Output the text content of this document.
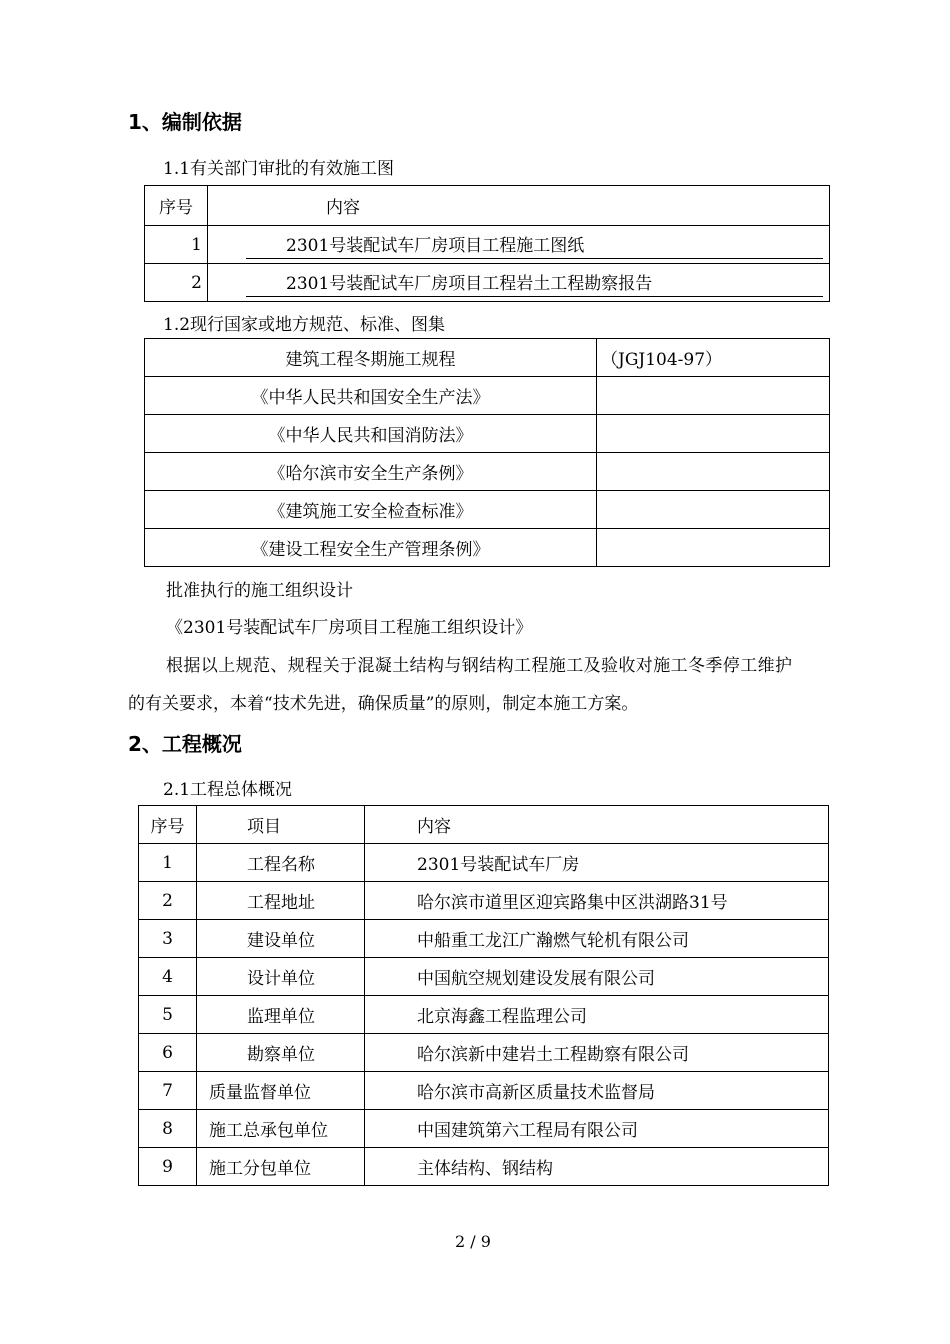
1、编制依据
1.1有关部门审批的有效施工图
序号	内容
1	2301号装配试车厂房项目工程施工图纸

2	2301号装配试车厂房项目工程岩土工程勘察报告
1.2现行国家或地方规范、标准、图集
建筑工程冬期施工规程	（JGJ104-97）
《中华人民共和国安全生产法》	
《中华人民共和国消防法》	
《哈尔滨市安全生产条例》	
《建筑施工安全检查标准》	
《建设工程安全生产管理条例》	
批准执行的施工组织设计
《2301号装配试车厂房项目工程施工组织设计》
根据以上规范、规程关于混凝土结构与钢结构工程施工及验收对施工冬季停工维护
的有关要求，本着“技术先进，确保质量”的原则，制定本施工方案。
2、工程概况
2.1工程总体概况
序号	项目	内容
1	工程名称	2301号装配试车厂房
2	工程地址	哈尔滨市道里区迎宾路集中区洪湖路31号
3	建设单位	中船重工龙江广瀚燃气轮机有限公司
4	设计单位	中国航空规划建设发展有限公司
5	监理单位	北京海鑫工程监理公司
6	勘察单位	哈尔滨新中建岩土工程勘察有限公司
7	质量监督单位	哈尔滨市高新区质量技术监督局
8	施工总承包单位	中国建筑第六工程局有限公司
9	施工分包单位	主体结构、钢结构
2 / 9
